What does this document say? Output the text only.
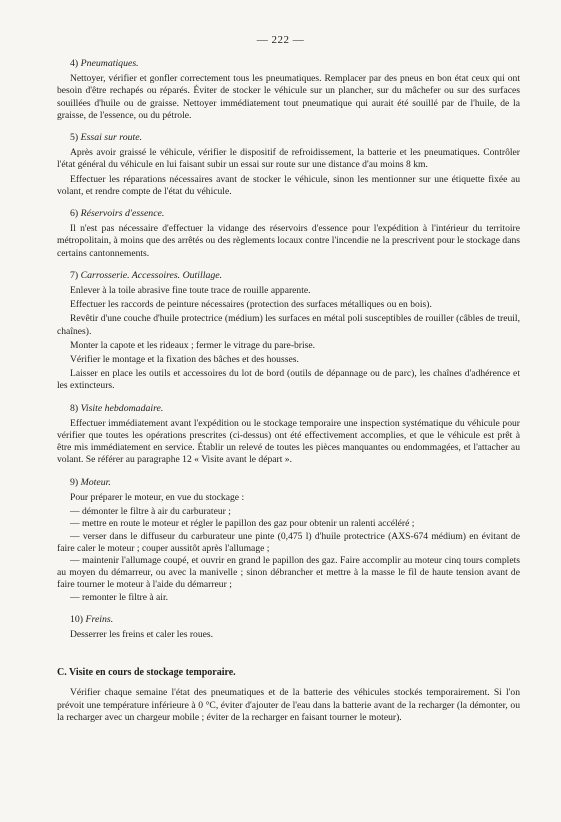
— 222 —
4) Pneumatiques.

Nettoyer, vérifier et gonfler correctement tous les pneumatiques. Remplacer par des pneus en bon état ceux qui ont besoin d'être rechapés ou réparés. Éviter de stocker le véhicule sur un plancher, sur du mâchefer ou sur des surfaces souillées d'huile ou de graisse. Nettoyer immédiatement tout pneumatique qui aurait été souillé par de l'huile, de la graisse, de l'essence, ou du pétrole.

5) Essai sur route.

Après avoir graissé le véhicule, vérifier le dispositif de refroidissement, la batterie et les pneumatiques. Contrôler l'état général du véhicule en lui faisant subir un essai sur route sur une distance d'au moins 8 km.

Effectuer les réparations nécessaires avant de stocker le véhicule, sinon les mentionner sur une étiquette fixée au volant, et rendre compte de l'état du véhicule.

6) Réservoirs d'essence.

Il n'est pas nécessaire d'effectuer la vidange des réservoirs d'essence pour l'expédition à l'intérieur du territoire métropolitain, à moins que des arrêtés ou des règlements locaux contre l'incendie ne la prescrivent pour le stockage dans certains cantonnements.

7) Carrosserie. Accessoires. Outillage.

Enlever à la toile abrasive fine toute trace de rouille apparente.

Effectuer les raccords de peinture nécessaires (protection des surfaces métalliques ou en bois).

Revêtir d'une couche d'huile protectrice (médium) les surfaces en métal poli susceptibles de rouiller (câbles de treuil, chaînes).

Monter la capote et les rideaux ; fermer le vitrage du pare-brise.

Vérifier le montage et la fixation des bâches et des housses.

Laisser en place les outils et accessoires du lot de bord (outils de dépannage ou de parc), les chaînes d'adhérence et les extincteurs.

8) Visite hebdomadaire.

Effectuer immédiatement avant l'expédition ou le stockage temporaire une inspection systématique du véhicule pour vérifier que toutes les opérations prescrites (ci-dessus) ont été effectivement accomplies, et que le véhicule est prêt à être mis immédiatement en service. Établir un relevé de toutes les pièces manquantes ou endommagées, et l'attacher au volant. Se référer au paragraphe 12 « Visite avant le départ ».

9) Moteur.

Pour préparer le moteur, en vue du stockage :

— démonter le filtre à air du carburateur ;
— mettre en route le moteur et régler le papillon des gaz pour obtenir un ralenti accéléré ;
— verser dans le diffuseur du carburateur une pinte (0,475 l) d'huile protectrice (AXS-674 médium) en évitant de faire caler le moteur ; couper aussitôt après l'allumage ;
— maintenir l'allumage coupé, et ouvrir en grand le papillon des gaz. Faire accomplir au moteur cinq tours complets au moyen du démarreur, ou avec la manivelle ; sinon débrancher et mettre à la masse le fil de haute tension avant de faire tourner le moteur à l'aide du démarreur ;
— remonter le filtre à air.
10) Freins.

Desserrer les freins et caler les roues.

C. Visite en cours de stockage temporaire.

Vérifier chaque semaine l'état des pneumatiques et de la batterie des véhicules stockés temporairement. Si l'on prévoit une température inférieure à 0 °C, éviter d'ajouter de l'eau dans la batterie avant de la recharger (la démonter, ou la recharger avec un chargeur mobile ; éviter de la recharger en faisant tourner le moteur).
